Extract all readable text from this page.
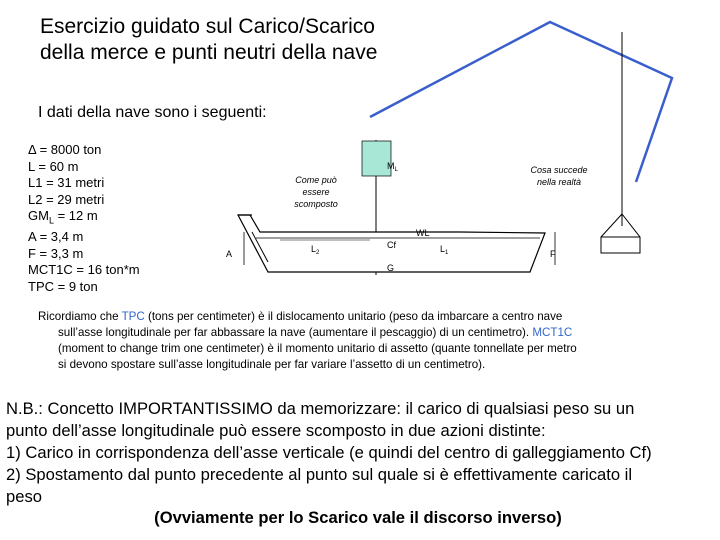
Esercizio guidato sul Carico/Scarico
della merce e punti neutri della nave
I dati della nave sono i seguenti:
Δ = 8000 ton
L = 60 m
L1 = 31 metri
L2 = 29 metri
$GM_L = 12$ m
A = 3,4 m
F = 3,3 m
MCT1C = 16 ton*m
TPC = 9 ton
$M_L$
Come può
essere
scomposto
Cosa succede
nella realtà
WL
Cf
G
A	F
$L_2$	$L_1$
Ricordiamo che TPC (tons per centimeter) è il dislocamento unitario (peso da imbarcare a centro nave
sull’asse longitudinale per far abbassare la nave (aumentare il pescaggio) di un centimetro). MCT1C
(moment to change trim one centimeter) è il momento unitario di assetto (quante tonnellate per metro
si devono spostare sull’asse longitudinale per far variare l’assetto di un centimetro).
N.B.: Concetto IMPORTANTISSIMO da memorizzare: il carico di qualsiasi peso su un
punto dell’asse longitudinale può essere scomposto in due azioni distinte:
1) Carico in corrispondenza dell’asse verticale (e quindi del centro di galleggiamento Cf)
2) Spostamento dal punto precedente al punto sul quale si è effettivamente caricato il
peso
(Ovviamente per lo Scarico vale il discorso inverso)
